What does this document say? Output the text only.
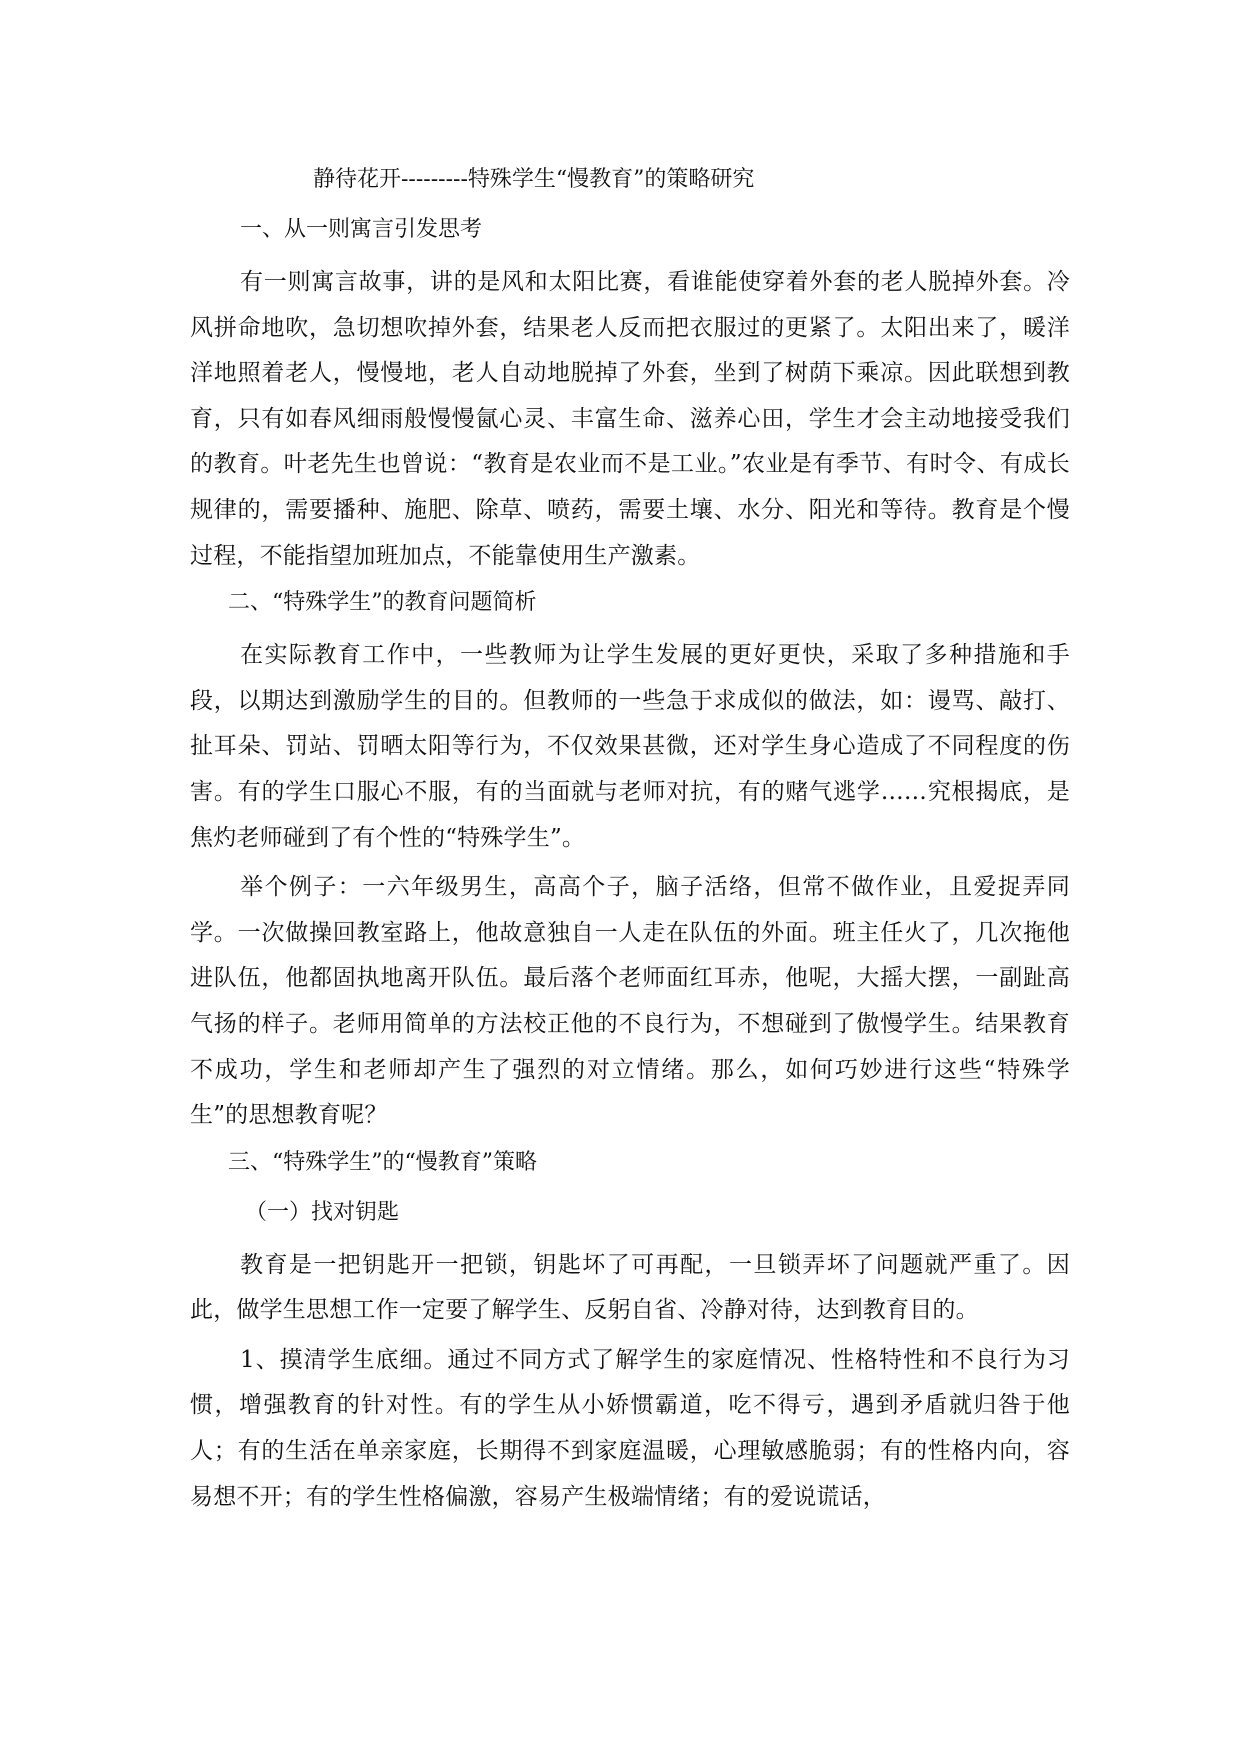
静待花开---------特殊学生“慢教育”的策略研究
一、从一则寓言引发思考

有一则寓言故事，讲的是风和太阳比赛，看谁能使穿着外套的老人脱掉外套。冷风拼命地吹，急切想吹掉外套，结果老人反而把衣服过的更紧了。太阳出来了，暖洋洋地照着老人，慢慢地，老人自动地脱掉了外套，坐到了树荫下乘凉。因此联想到教育，只有如春风细雨般慢慢氤心灵、丰富生命、滋养心田，学生才会主动地接受我们的教育。叶老先生也曾说：“教育是农业而不是工业。”农业是有季节、有时令、有成长规律的，需要播种、施肥、除草、喷药，需要土壤、水分、阳光和等待。教育是个慢过程，不能指望加班加点，不能靠使用生产激素。

二、“特殊学生”的教育问题简析

在实际教育工作中，一些教师为让学生发展的更好更快，采取了多种措施和手段，以期达到激励学生的目的。但教师的一些急于求成似的做法，如：谩骂、敲打、扯耳朵、罚站、罚晒太阳等行为，不仅效果甚微，还对学生身心造成了不同程度的伤害。有的学生口服心不服，有的当面就与老师对抗，有的赌气逃学……究根揭底，是焦灼老师碰到了有个性的“特殊学生”。

举个例子：一六年级男生，高高个子，脑子活络，但常不做作业，且爱捉弄同学。一次做操回教室路上，他故意独自一人走在队伍的外面。班主任火了，几次拖他进队伍，他都固执地离开队伍。最后落个老师面红耳赤，他呢，大摇大摆，一副趾高气扬的样子。老师用简单的方法校正他的不良行为，不想碰到了傲慢学生。结果教育不成功，学生和老师却产生了强烈的对立情绪。那么，如何巧妙进行这些“特殊学生”的思想教育呢？

三、“特殊学生”的“慢教育”策略
（一）找对钥匙

教育是一把钥匙开一把锁，钥匙坏了可再配，一旦锁弄坏了问题就严重了。因此，做学生思想工作一定要了解学生、反躬自省、冷静对待，达到教育目的。

1、摸清学生底细。通过不同方式了解学生的家庭情况、性格特性和不良行为习惯，增强教育的针对性。有的学生从小娇惯霸道，吃不得亏，遇到矛盾就归咎于他人；有的生活在单亲家庭，长期得不到家庭温暖，心理敏感脆弱；有的性格内向，容易想不开；有的学生性格偏激，容易产生极端情绪；有的爱说谎话，
